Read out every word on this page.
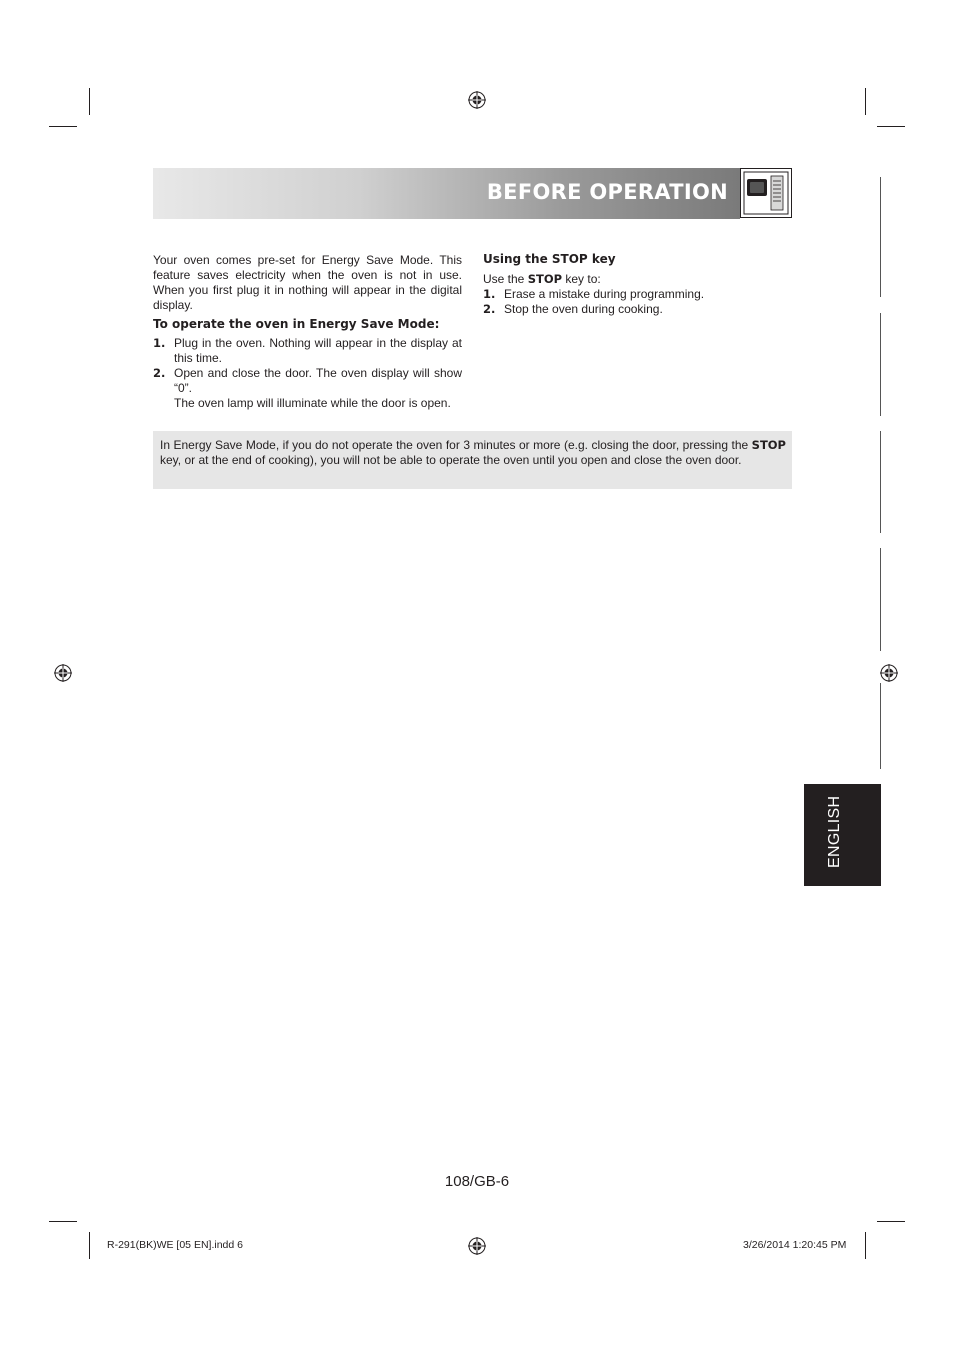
BEFORE OPERATION

Your oven comes pre-set for Energy Save Mode. This feature saves electricity when the oven is not in use. When you first plug it in nothing will appear in the digital display.

To operate the oven in Energy Save Mode:

1. Plug in the oven. Nothing will appear in the display at this time.
2. Open and close the door. The oven display will show “0”.

The oven lamp will illuminate while the door is open.

Using the STOP key

Use the STOP key to:

1. Erase a mistake during programming.
2. Stop the oven during cooking.
In Energy Save Mode, if you do not operate the oven for 3 minutes or more (e.g. closing the door, pressing the STOP key, or at the end of cooking), you will not be able to operate the oven until you open and close the oven door.
ENGLISH
108/GB-6
R-291(BK)WE [05 EN].indd 6	3/26/2014 1:20:45 PM
